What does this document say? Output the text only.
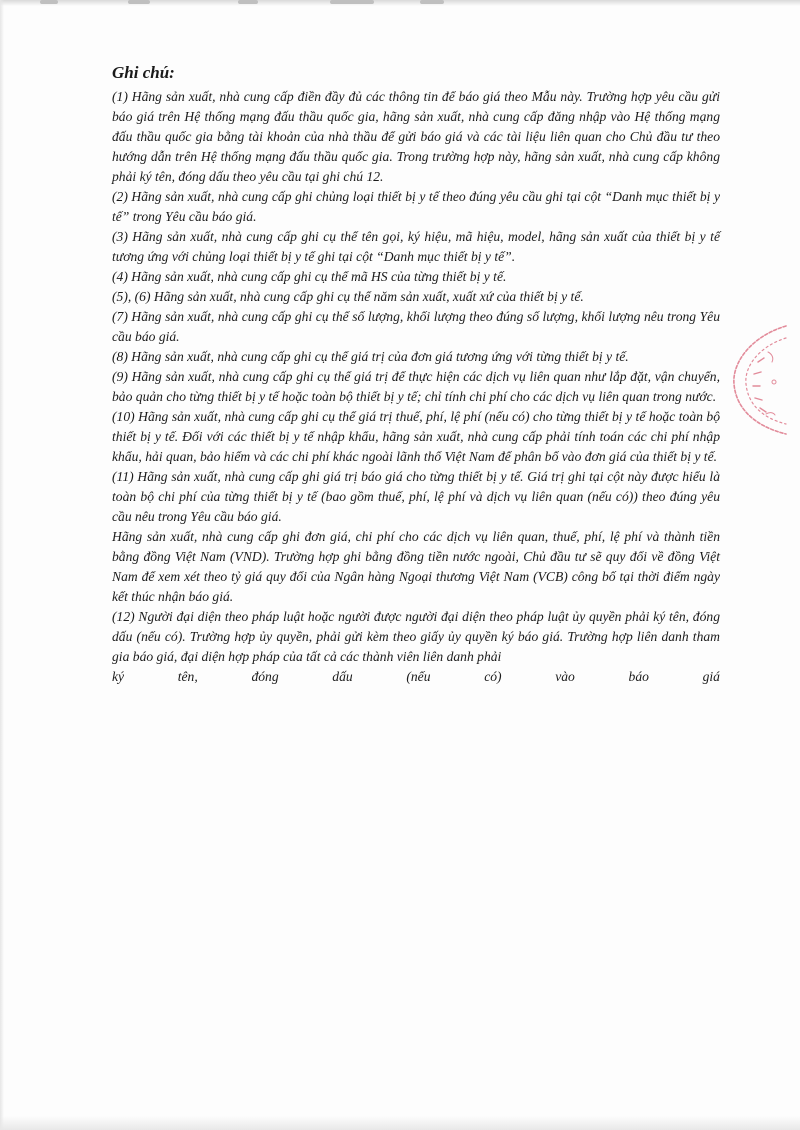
Ghi chú:

(1) Hãng sản xuất, nhà cung cấp điền đầy đủ các thông tin để báo giá theo Mẫu này. Trường hợp yêu cầu gửi báo giá trên Hệ thống mạng đấu thầu quốc gia, hãng sản xuất, nhà cung cấp đăng nhập vào Hệ thống mạng đấu thầu quốc gia bằng tài khoản của nhà thầu để gửi báo giá và các tài liệu liên quan cho Chủ đầu tư theo hướng dẫn trên Hệ thống mạng đấu thầu quốc gia. Trong trường hợp này, hãng sản xuất, nhà cung cấp không phải ký tên, đóng dấu theo yêu cầu tại ghi chú 12.

(2) Hãng sản xuất, nhà cung cấp ghi chủng loại thiết bị y tế theo đúng yêu cầu ghi tại cột “Danh mục thiết bị y tế” trong Yêu cầu báo giá.

(3) Hãng sản xuất, nhà cung cấp ghi cụ thể tên gọi, ký hiệu, mã hiệu, model, hãng sản xuất của thiết bị y tế tương ứng với chủng loại thiết bị y tế ghi tại cột “Danh mục thiết bị y tế”.

(4) Hãng sản xuất, nhà cung cấp ghi cụ thể mã HS của từng thiết bị y tế.

(5), (6) Hãng sản xuất, nhà cung cấp ghi cụ thể năm sản xuất, xuất xứ của thiết bị y tế.

(7) Hãng sản xuất, nhà cung cấp ghi cụ thể số lượng, khối lượng theo đúng số lượng, khối lượng nêu trong Yêu cầu báo giá.

(8) Hãng sản xuất, nhà cung cấp ghi cụ thể giá trị của đơn giá tương ứng với từng thiết bị y tế.

(9) Hãng sản xuất, nhà cung cấp ghi cụ thể giá trị để thực hiện các dịch vụ liên quan như lắp đặt, vận chuyển, bảo quản cho từng thiết bị y tế hoặc toàn bộ thiết bị y tế; chỉ tính chi phí cho các dịch vụ liên quan trong nước.

(10) Hãng sản xuất, nhà cung cấp ghi cụ thể giá trị thuế, phí, lệ phí (nếu có) cho từng thiết bị y tế hoặc toàn bộ thiết bị y tế. Đối với các thiết bị y tế nhập khẩu, hãng sản xuất, nhà cung cấp phải tính toán các chi phí nhập khẩu, hải quan, bảo hiểm và các chi phí khác ngoài lãnh thổ Việt Nam để phân bổ vào đơn giá của thiết bị y tế.

(11) Hãng sản xuất, nhà cung cấp ghi giá trị báo giá cho từng thiết bị y tế. Giá trị ghi tại cột này được hiểu là toàn bộ chi phí của từng thiết bị y tế (bao gồm thuế, phí, lệ phí và dịch vụ liên quan (nếu có)) theo đúng yêu cầu nêu trong Yêu cầu báo giá.

Hãng sản xuất, nhà cung cấp ghi đơn giá, chi phí cho các dịch vụ liên quan, thuế, phí, lệ phí và thành tiền bằng đồng Việt Nam (VND). Trường hợp ghi bằng đồng tiền nước ngoài, Chủ đầu tư sẽ quy đổi về đồng Việt Nam để xem xét theo tỷ giá quy đổi của Ngân hàng Ngoại thương Việt Nam (VCB) công bố tại thời điểm ngày kết thúc nhận báo giá.

(12) Người đại diện theo pháp luật hoặc người được người đại diện theo pháp luật ủy quyền phải ký tên, đóng dấu (nếu có). Trường hợp ủy quyền, phải gửi kèm theo giấy ủy quyền ký báo giá. Trường hợp liên danh tham gia báo giá, đại diện hợp pháp của tất cả các thành viên liên danh phải

ký	tên,	đóng	dấu	(nếu	có)	vào	báo	giá
